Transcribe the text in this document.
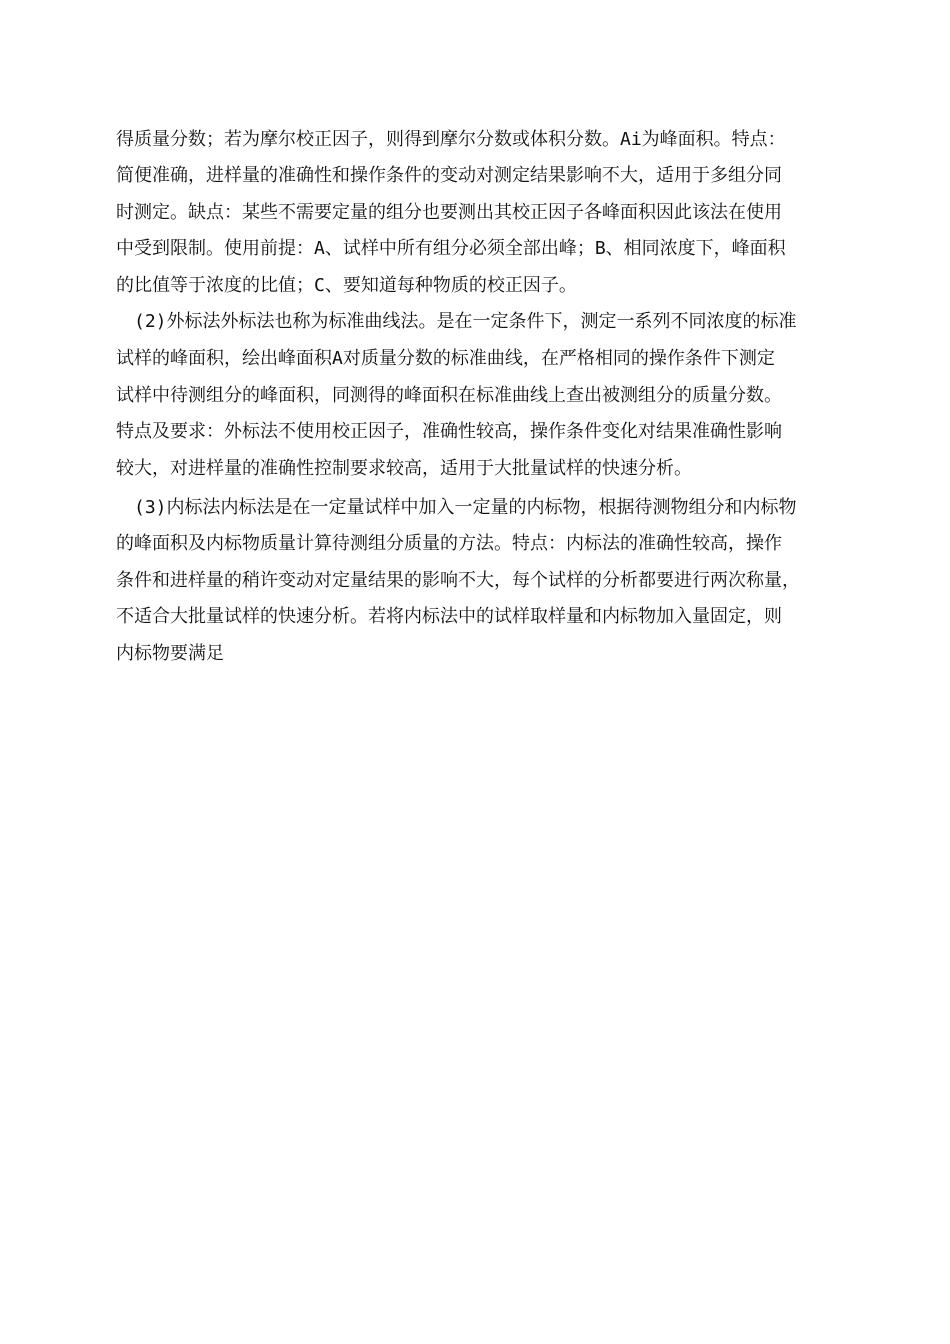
得质量分数；若为摩尔校正因子，则得到摩尔分数或体积分数。Ai为峰面积。特点：
简便准确，进样量的准确性和操作条件的变动对测定结果影响不大，适用于多组分同
时测定。缺点：某些不需要定量的组分也要测出其校正因子各峰面积因此该法在使用
中受到限制。使用前提：A、试样中所有组分必须全部出峰；B、相同浓度下，峰面积
的比值等于浓度的比值；C、要知道每种物质的校正因子。
(2)外标法外标法也称为标准曲线法。是在一定条件下，测定一系列不同浓度的标准
试样的峰面积，绘出峰面积A对质量分数的标准曲线，在严格相同的操作条件下测定
试样中待测组分的峰面积，同测得的峰面积在标准曲线上查出被测组分的质量分数。
特点及要求：外标法不使用校正因子，准确性较高，操作条件变化对结果准确性影响
较大，对进样量的准确性控制要求较高，适用于大批量试样的快速分析。
(3)内标法内标法是在一定量试样中加入一定量的内标物，根据待测物组分和内标物
的峰面积及内标物质量计算待测组分质量的方法。特点：内标法的准确性较高，操作
条件和进样量的稍许变动对定量结果的影响不大，每个试样的分析都要进行两次称量，
不适合大批量试样的快速分析。若将内标法中的试样取样量和内标物加入量固定，则
内标物要满足
